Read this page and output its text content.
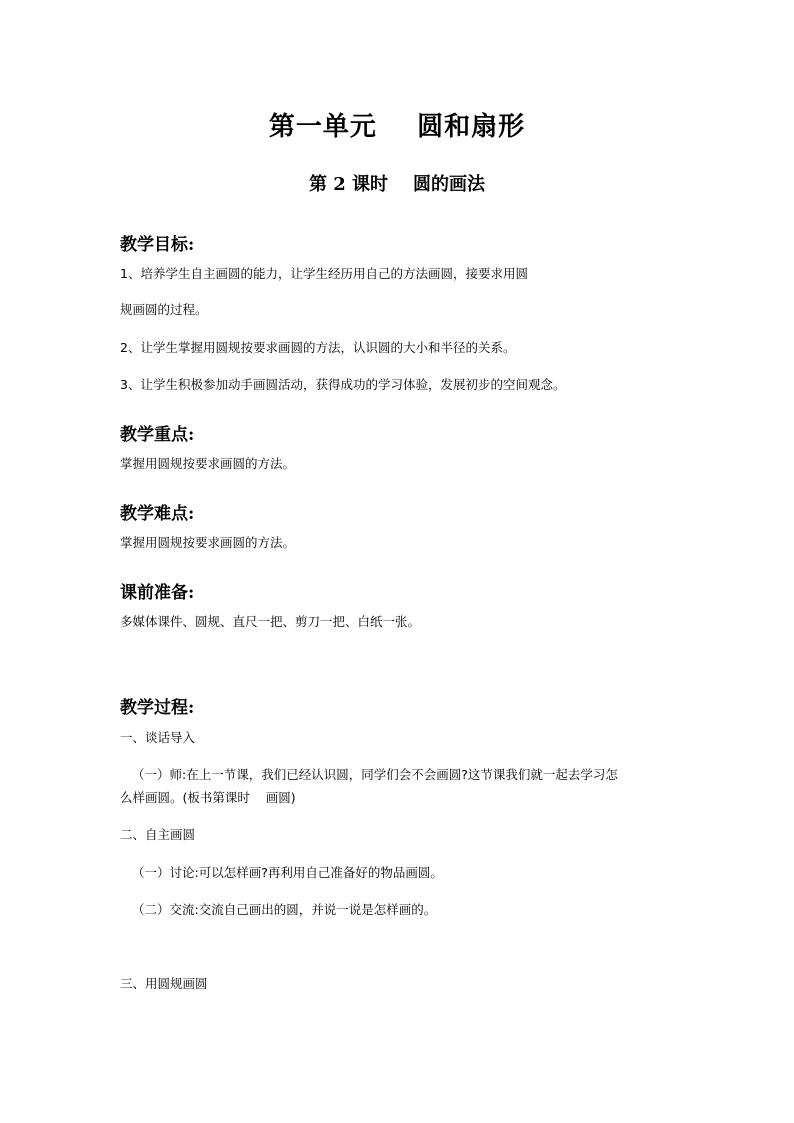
第一单元    圆和扇形
第 2 课时    圆的画法
教学目标:
1、培养学生自主画圆的能力，让学生经历用自己的方法画圆，接要求用圆
规画圆的过程。
2、让学生掌握用圆规按要求画圆的方法，认识圆的大小和半径的关系。
3、让学生积极参加动手画圆活动，获得成功的学习体验，发展初步的空间观念。
教学重点:
掌握用圆规按要求画圆的方法。
教学难点:
掌握用圆规按要求画圆的方法。
课前准备:
多媒体课件、圆规、直尺一把、剪刀一把、白纸一张。
教学过程:
一、谈话导入
（一）师:在上一节课，我们已经认识圆，同学们会不会画圆?这节课我们就一起去学习怎
么样画圆。(板书第课时    画圆)
二、自主画圆
（一）讨论:可以怎样画?再利用自己准备好的物品画圆。
（二）交流:交流自己画出的圆，并说一说是怎样画的。
三、用圆规画圆
